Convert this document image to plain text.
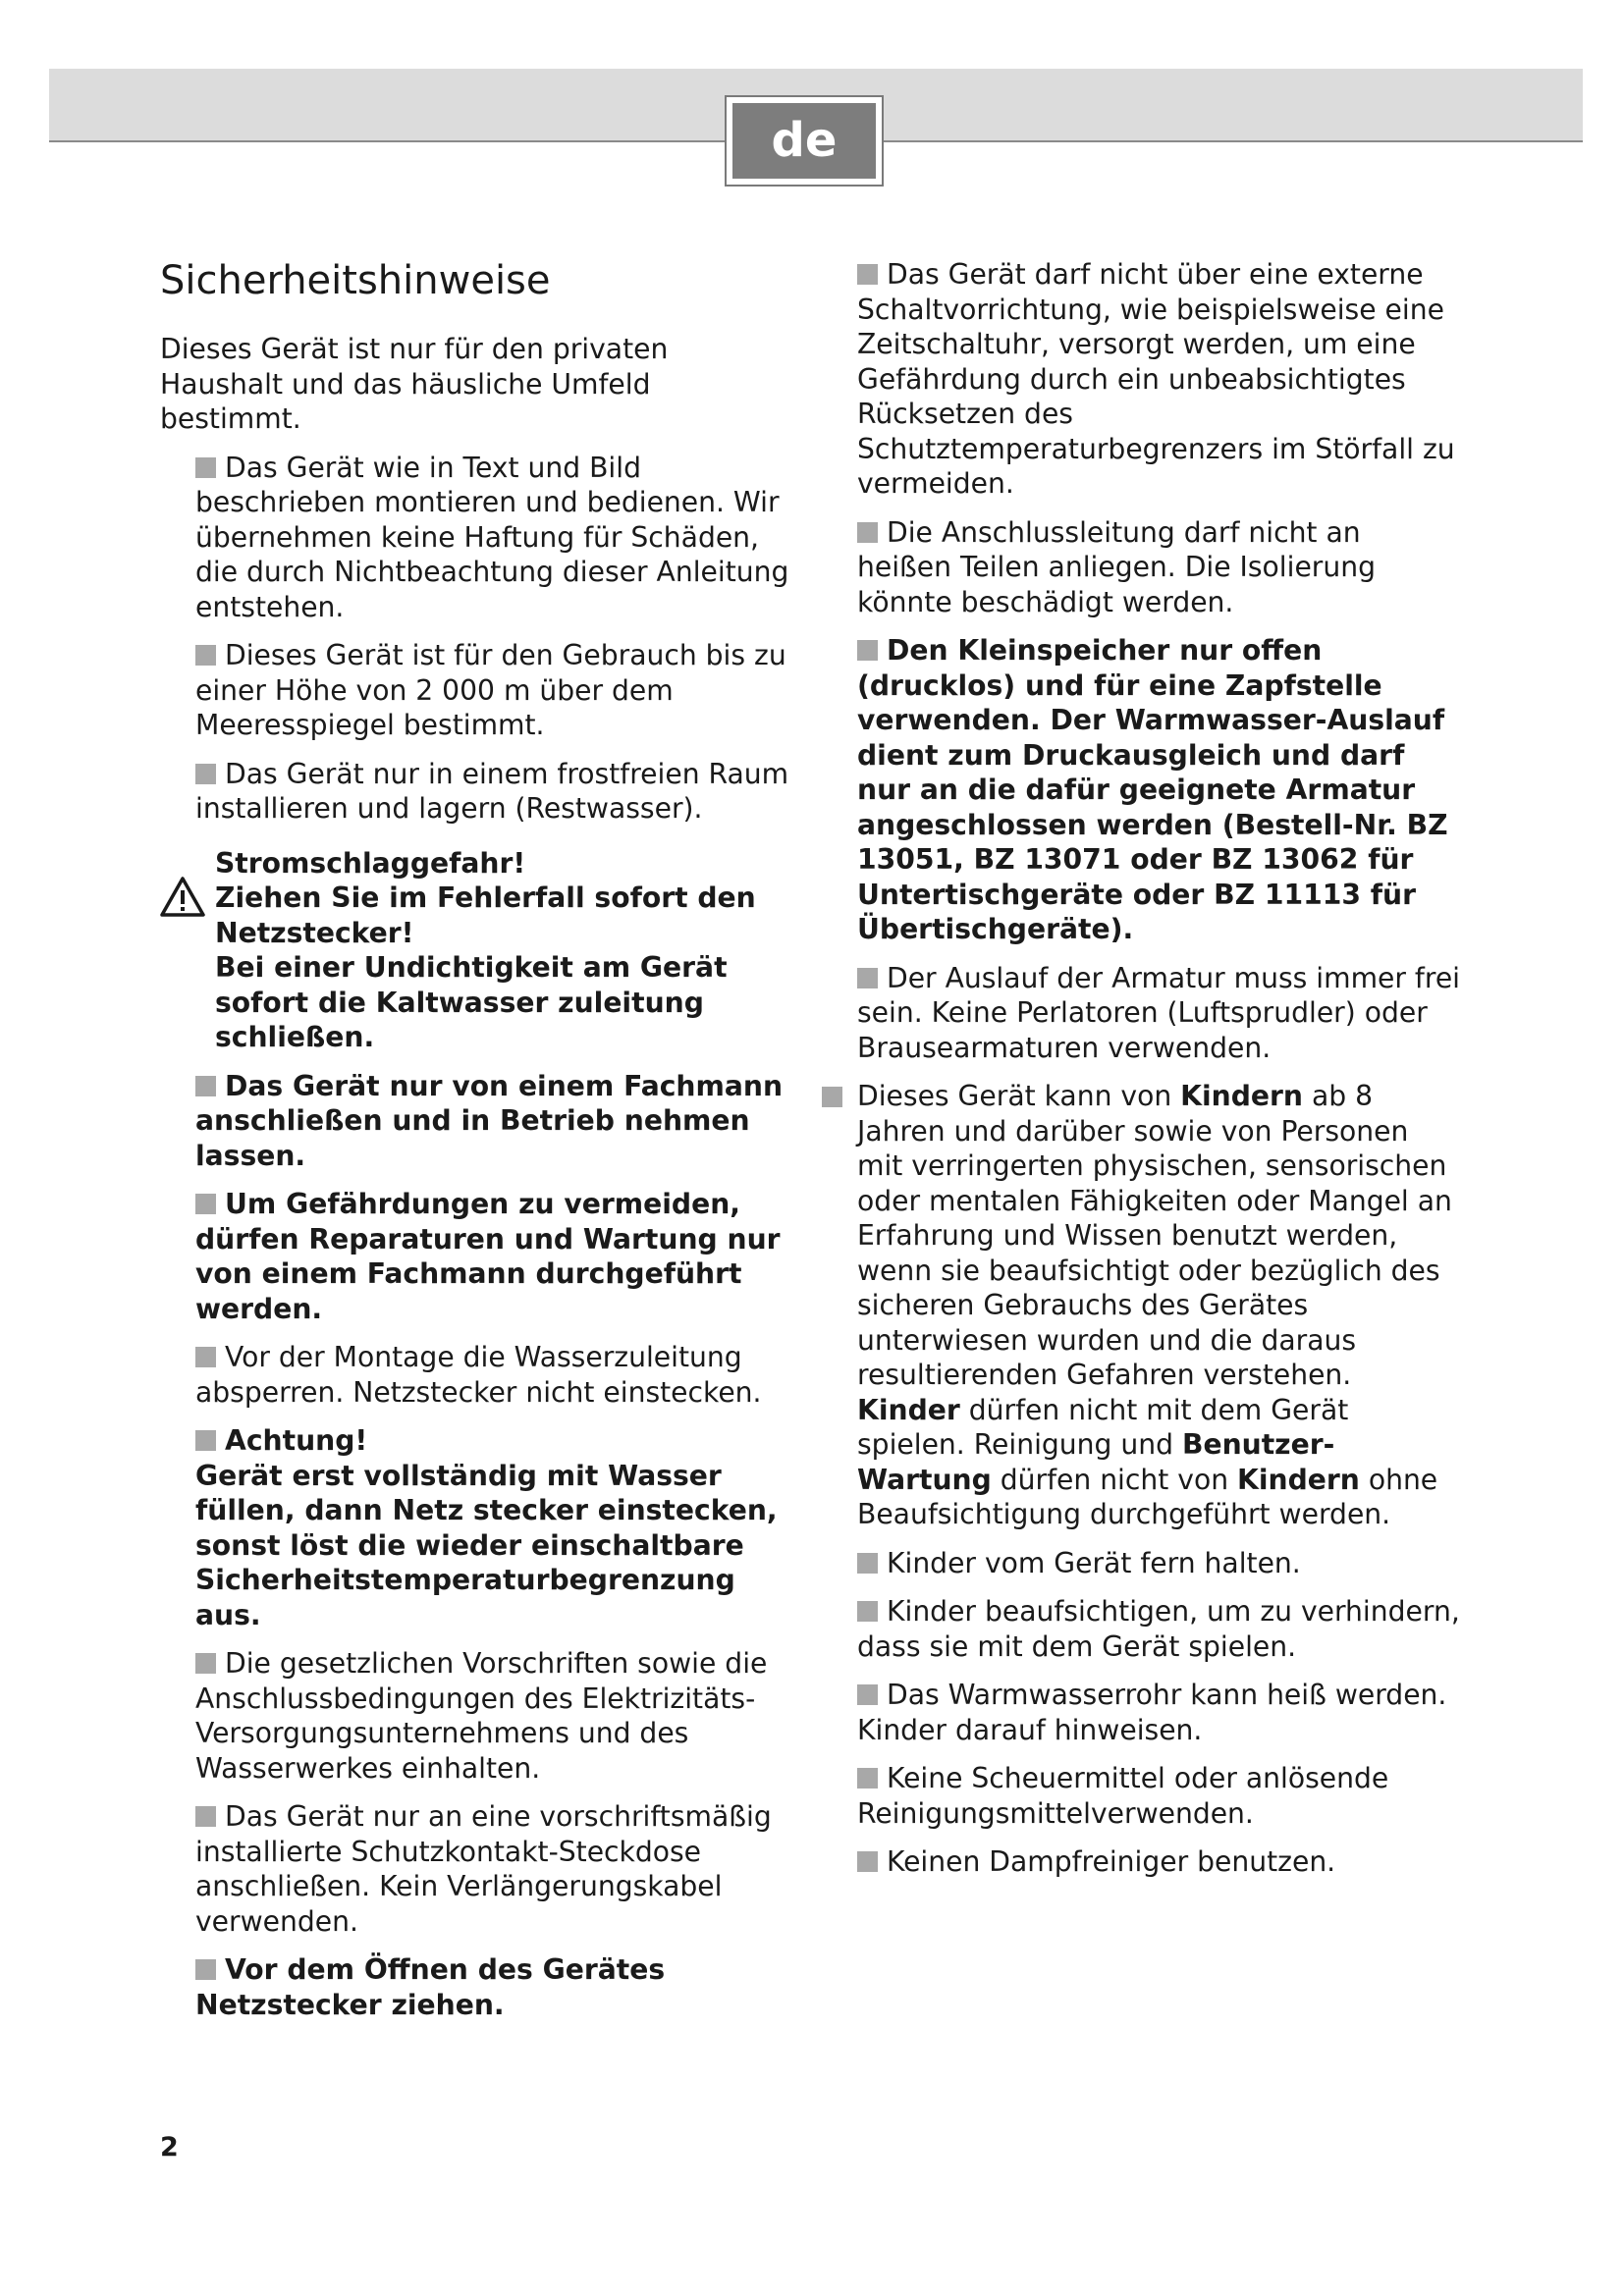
de
Sicherheitshinweise

Dieses Gerät ist nur für den privaten Haushalt und das häusliche Umfeld bestimmt.

Das Gerät wie in Text und Bild beschrieben montieren und bedienen. Wir übernehmen keine Haftung für Schäden, die durch Nichtbeachtung dieser Anleitung entstehen.

Dieses Gerät ist für den Gebrauch bis zu einer Höhe von 2 000 m über dem Meeresspiegel bestimmt.

Das Gerät nur in einem frostfreien Raum installieren und lagern (Restwasser).

Stromschlaggefahr!
Ziehen Sie im Fehlerfall sofort den Netzstecker!
Bei einer Undichtigkeit am Gerät sofort die Kaltwasser zuleitung schließen.

Das Gerät nur von einem Fachmann anschließen und in Betrieb nehmen lassen.

Um Gefährdungen zu vermeiden, dürfen Reparaturen und Wartung nur von einem Fachmann durchgeführt werden.

Vor der Montage die Wasserzuleitung absperren. Netzstecker nicht einstecken.

Achtung!
Gerät erst vollständig mit Wasser füllen, dann Netz stecker einstecken, sonst löst die wieder einschaltbare Sicherheitstemperaturbegrenzung aus.

Die gesetzlichen Vorschriften sowie die Anschlussbedingungen des Elektrizitäts-Versorgungsunternehmens und des Wasserwerkes einhalten.

Das Gerät nur an eine vorschriftsmäßig installierte Schutzkontakt-Steckdose anschließen. Kein Verlängerungskabel verwenden.

Vor dem Öffnen des Gerätes Netzstecker ziehen.

Das Gerät darf nicht über eine externe Schaltvorrichtung, wie beispielsweise eine Zeitschaltuhr, versorgt werden, um eine Gefährdung durch ein unbeabsichtigtes Rücksetzen des Schutztemperaturbegrenzers im Störfall zu vermeiden.

Die Anschlussleitung darf nicht an heißen Teilen anliegen. Die Isolierung könnte beschädigt werden.

Den Kleinspeicher nur offen (drucklos) und für eine Zapfstelle verwenden. Der Warmwasser-Auslauf dient zum Druckausgleich und darf nur an die dafür geeignete Armatur angeschlossen werden (Bestell-Nr. BZ 13051, BZ 13071 oder BZ 13062 für Untertischgeräte oder BZ 11113 für Übertischgeräte).

Der Auslauf der Armatur muss immer frei sein. Keine Perlatoren (Luftsprudler) oder Brausearmaturen verwenden.

Dieses Gerät kann von Kindern ab 8 Jahren und darüber sowie von Personen mit verringerten physischen, sensorischen oder mentalen Fähigkeiten oder Mangel an Erfahrung und Wissen benutzt werden, wenn sie beaufsichtigt oder bezüglich des sicheren Gebrauchs des Gerätes unterwiesen wurden und die daraus resultierenden Gefahren verstehen. Kinder dürfen nicht mit dem Gerät spielen. Reinigung und Benutzer-Wartung dürfen nicht von Kindern ohne Beaufsichtigung durchgeführt werden.

Kinder vom Gerät fern halten.

Kinder beaufsichtigen, um zu verhindern, dass sie mit dem Gerät spielen.

Das Warmwasserrohr kann heiß werden. Kinder darauf hinweisen.

Keine Scheuermittel oder anlösende Reinigungsmittelverwenden.

Keinen Dampfreiniger benutzen.

2
